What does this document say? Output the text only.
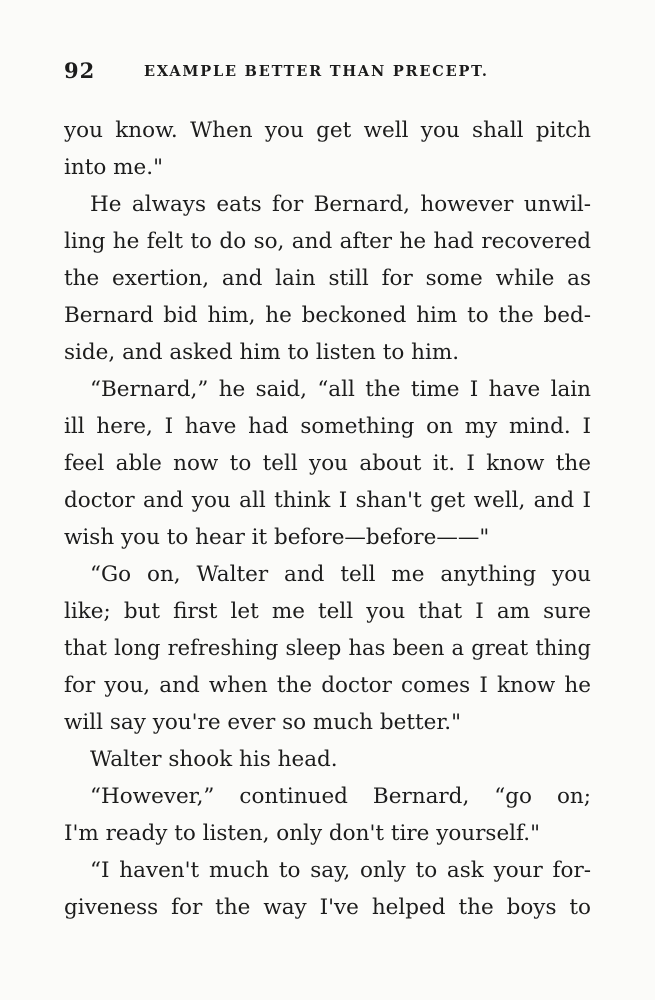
92	EXAMPLE BETTER THAN PRECEPT.
you know. When you get well you shall pitch
into me."
He always eats for Bernard, however unwil-
ling he felt to do so, and after he had recovered
the exertion, and lain still for some while as
Bernard bid him, he beckoned him to the bed-
side, and asked him to listen to him.
“Bernard,” he said, “all the time I have lain
ill here, I have had something on my mind. I
feel able now to tell you about it. I know the
doctor and you all think I shan't get well, and I
wish you to hear it before—before——"
“Go on, Walter and tell me anything you
like; but first let me tell you that I am sure
that long refreshing sleep has been a great thing
for you, and when the doctor comes I know he
will say you're ever so much better."
Walter shook his head.
“However,” continued Bernard, “go on;
I'm ready to listen, only don't tire yourself."
“I haven't much to say, only to ask your for-
giveness for the way I've helped the boys to
